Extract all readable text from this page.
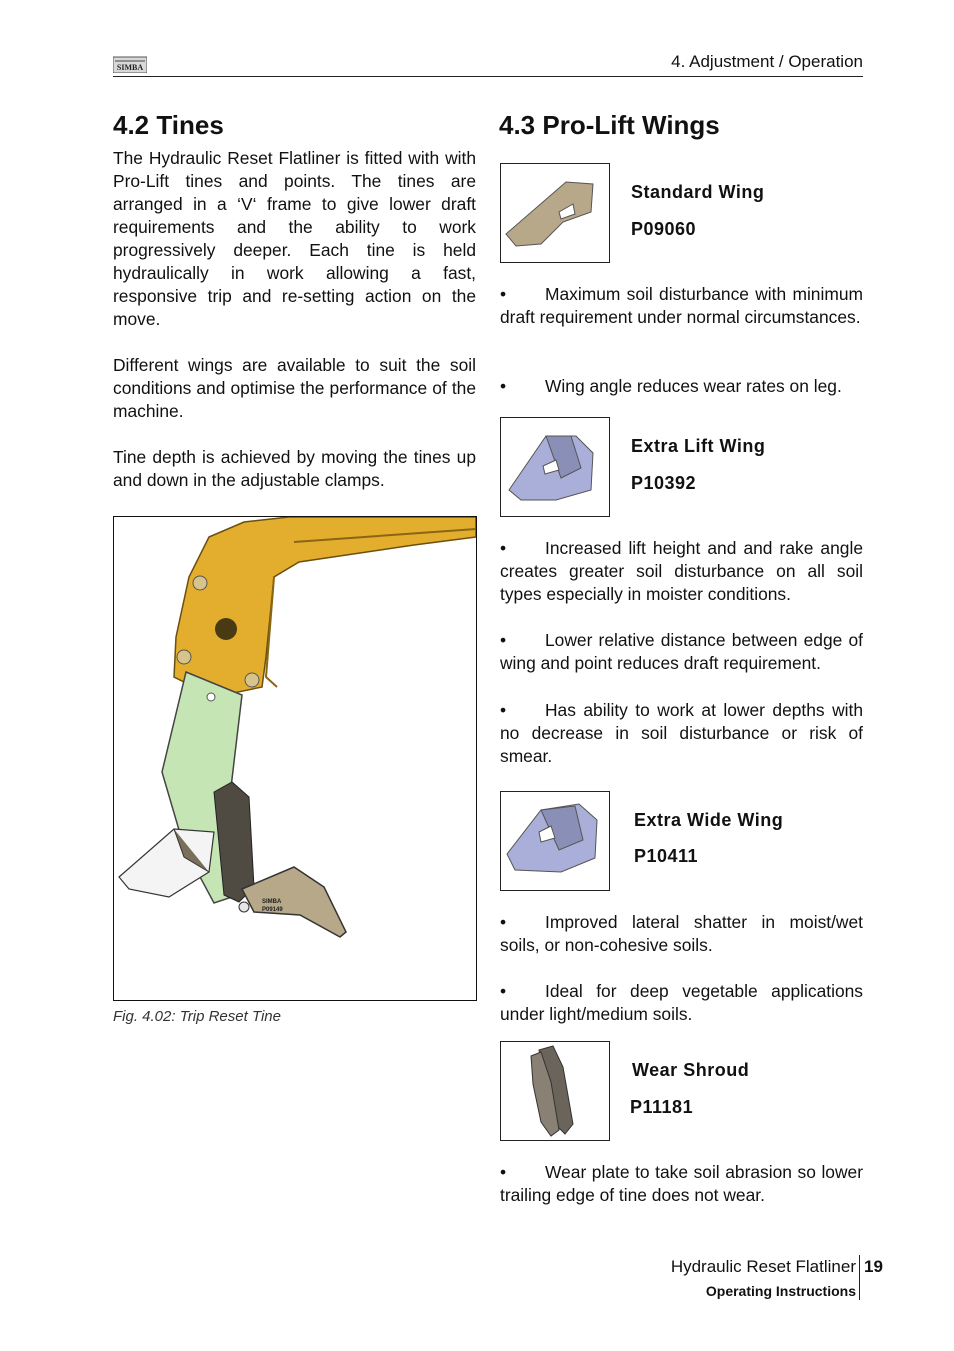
SIMBA	4. Adjustment / Operation
4.2 Tines

The Hydraulic Reset Flatliner is fitted with with Pro-Lift tines and points. The tines are arranged in a ‘V‘ frame to give lower draft requirements and the ability to work progressively deeper. Each tine is held hydraulically in work allowing a fast, responsive trip and re-setting action on the move.

Different wings are available to suit the soil conditions and optimise the performance of the machine.

Tine depth is achieved by moving the tines up and down in the adjustable clamps.

SIMBA
P09149
Fig. 4.02: Trip Reset Tine
4.3 Pro-Lift Wings
Standard Wing
P09060
• Maximum soil disturbance with minimum draft requirement under normal circumstances.
• Wing angle reduces wear rates on leg.
Extra Lift Wing
P10392
• Increased lift height and and rake angle creates greater soil disturbance on all soil types especially in moister conditions.
• Lower relative distance between edge of wing and point reduces draft requirement.
• Has ability to work at lower depths with no decrease in soil disturbance or risk of smear.
Extra Wide Wing
P10411
• Improved lateral shatter in moist/wet soils, or non-cohesive soils.
• Ideal for deep vegetable applications under light/medium soils.
Wear Shroud
P11181
• Wear plate to take soil abrasion so lower trailing edge of tine does not wear.
Hydraulic Reset Flatliner 19
Operating Instructions
